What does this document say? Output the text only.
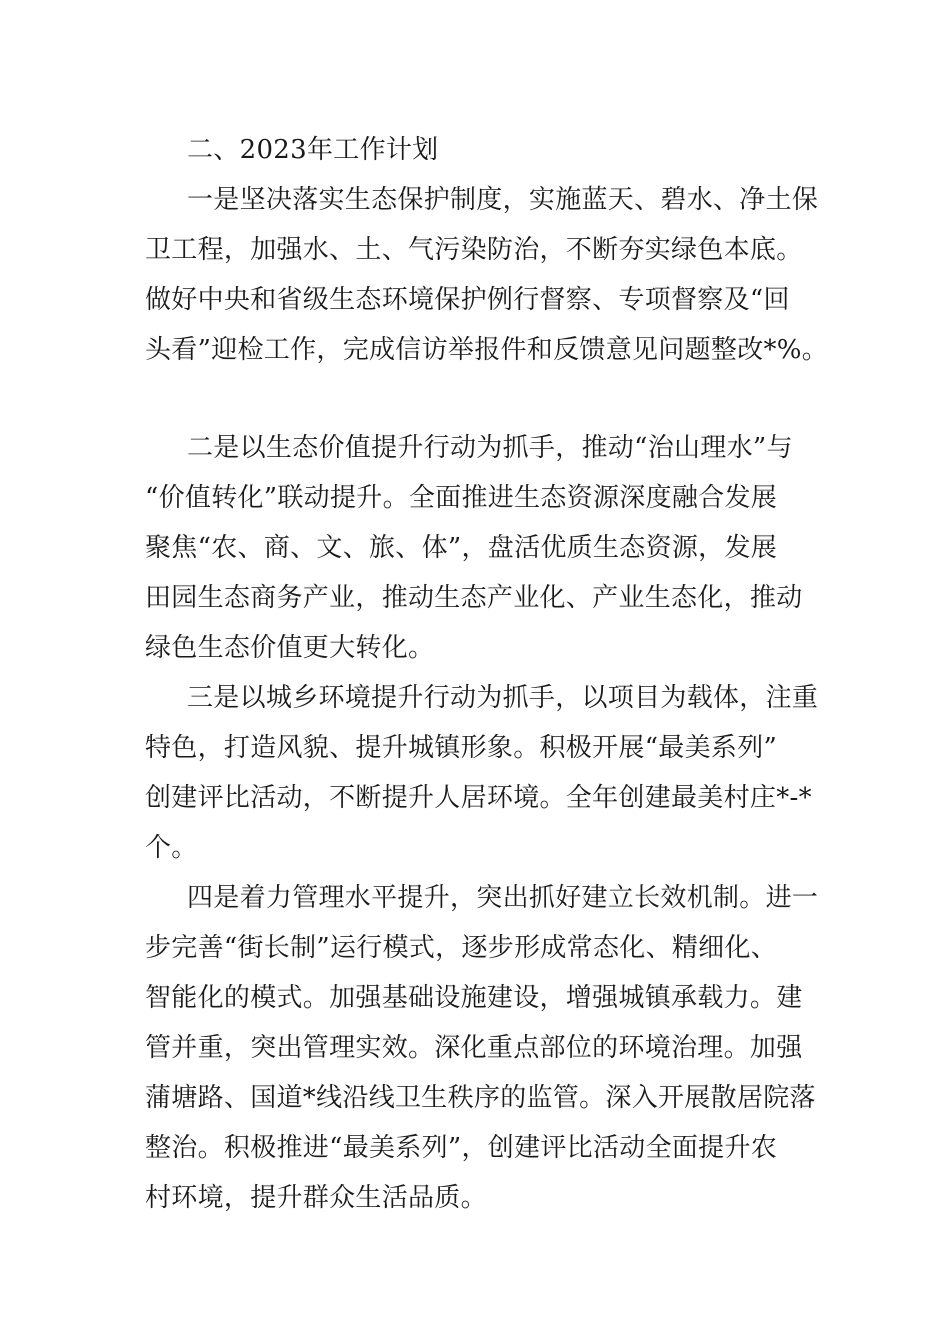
二、2023年工作计划
一是坚决落实生态保护制度，实施蓝天、碧水、净土保
卫工程，加强水、土、气污染防治，不断夯实绿色本底。
做好中央和省级生态环境保护例行督察、专项督察及“回
头看”迎检工作，完成信访举报件和反馈意见问题整改*%。
二是以生态价值提升行动为抓手，推动“治山理水”与
“价值转化”联动提升。全面推进生态资源深度融合发展
聚焦“农、商、文、旅、体”，盘活优质生态资源，发展
田园生态商务产业，推动生态产业化、产业生态化，推动
绿色生态价值更大转化。
三是以城乡环境提升行动为抓手，以项目为载体，注重
特色，打造风貌、提升城镇形象。积极开展“最美系列”
创建评比活动，不断提升人居环境。全年创建最美村庄*-*
个。
四是着力管理水平提升，突出抓好建立长效机制。进一
步完善“街长制”运行模式，逐步形成常态化、精细化、
智能化的模式。加强基础设施建设，增强城镇承载力。建
管并重，突出管理实效。深化重点部位的环境治理。加强
蒲塘路、国道*线沿线卫生秩序的监管。深入开展散居院落
整治。积极推进“最美系列”，创建评比活动全面提升农
村环境，提升群众生活品质。
